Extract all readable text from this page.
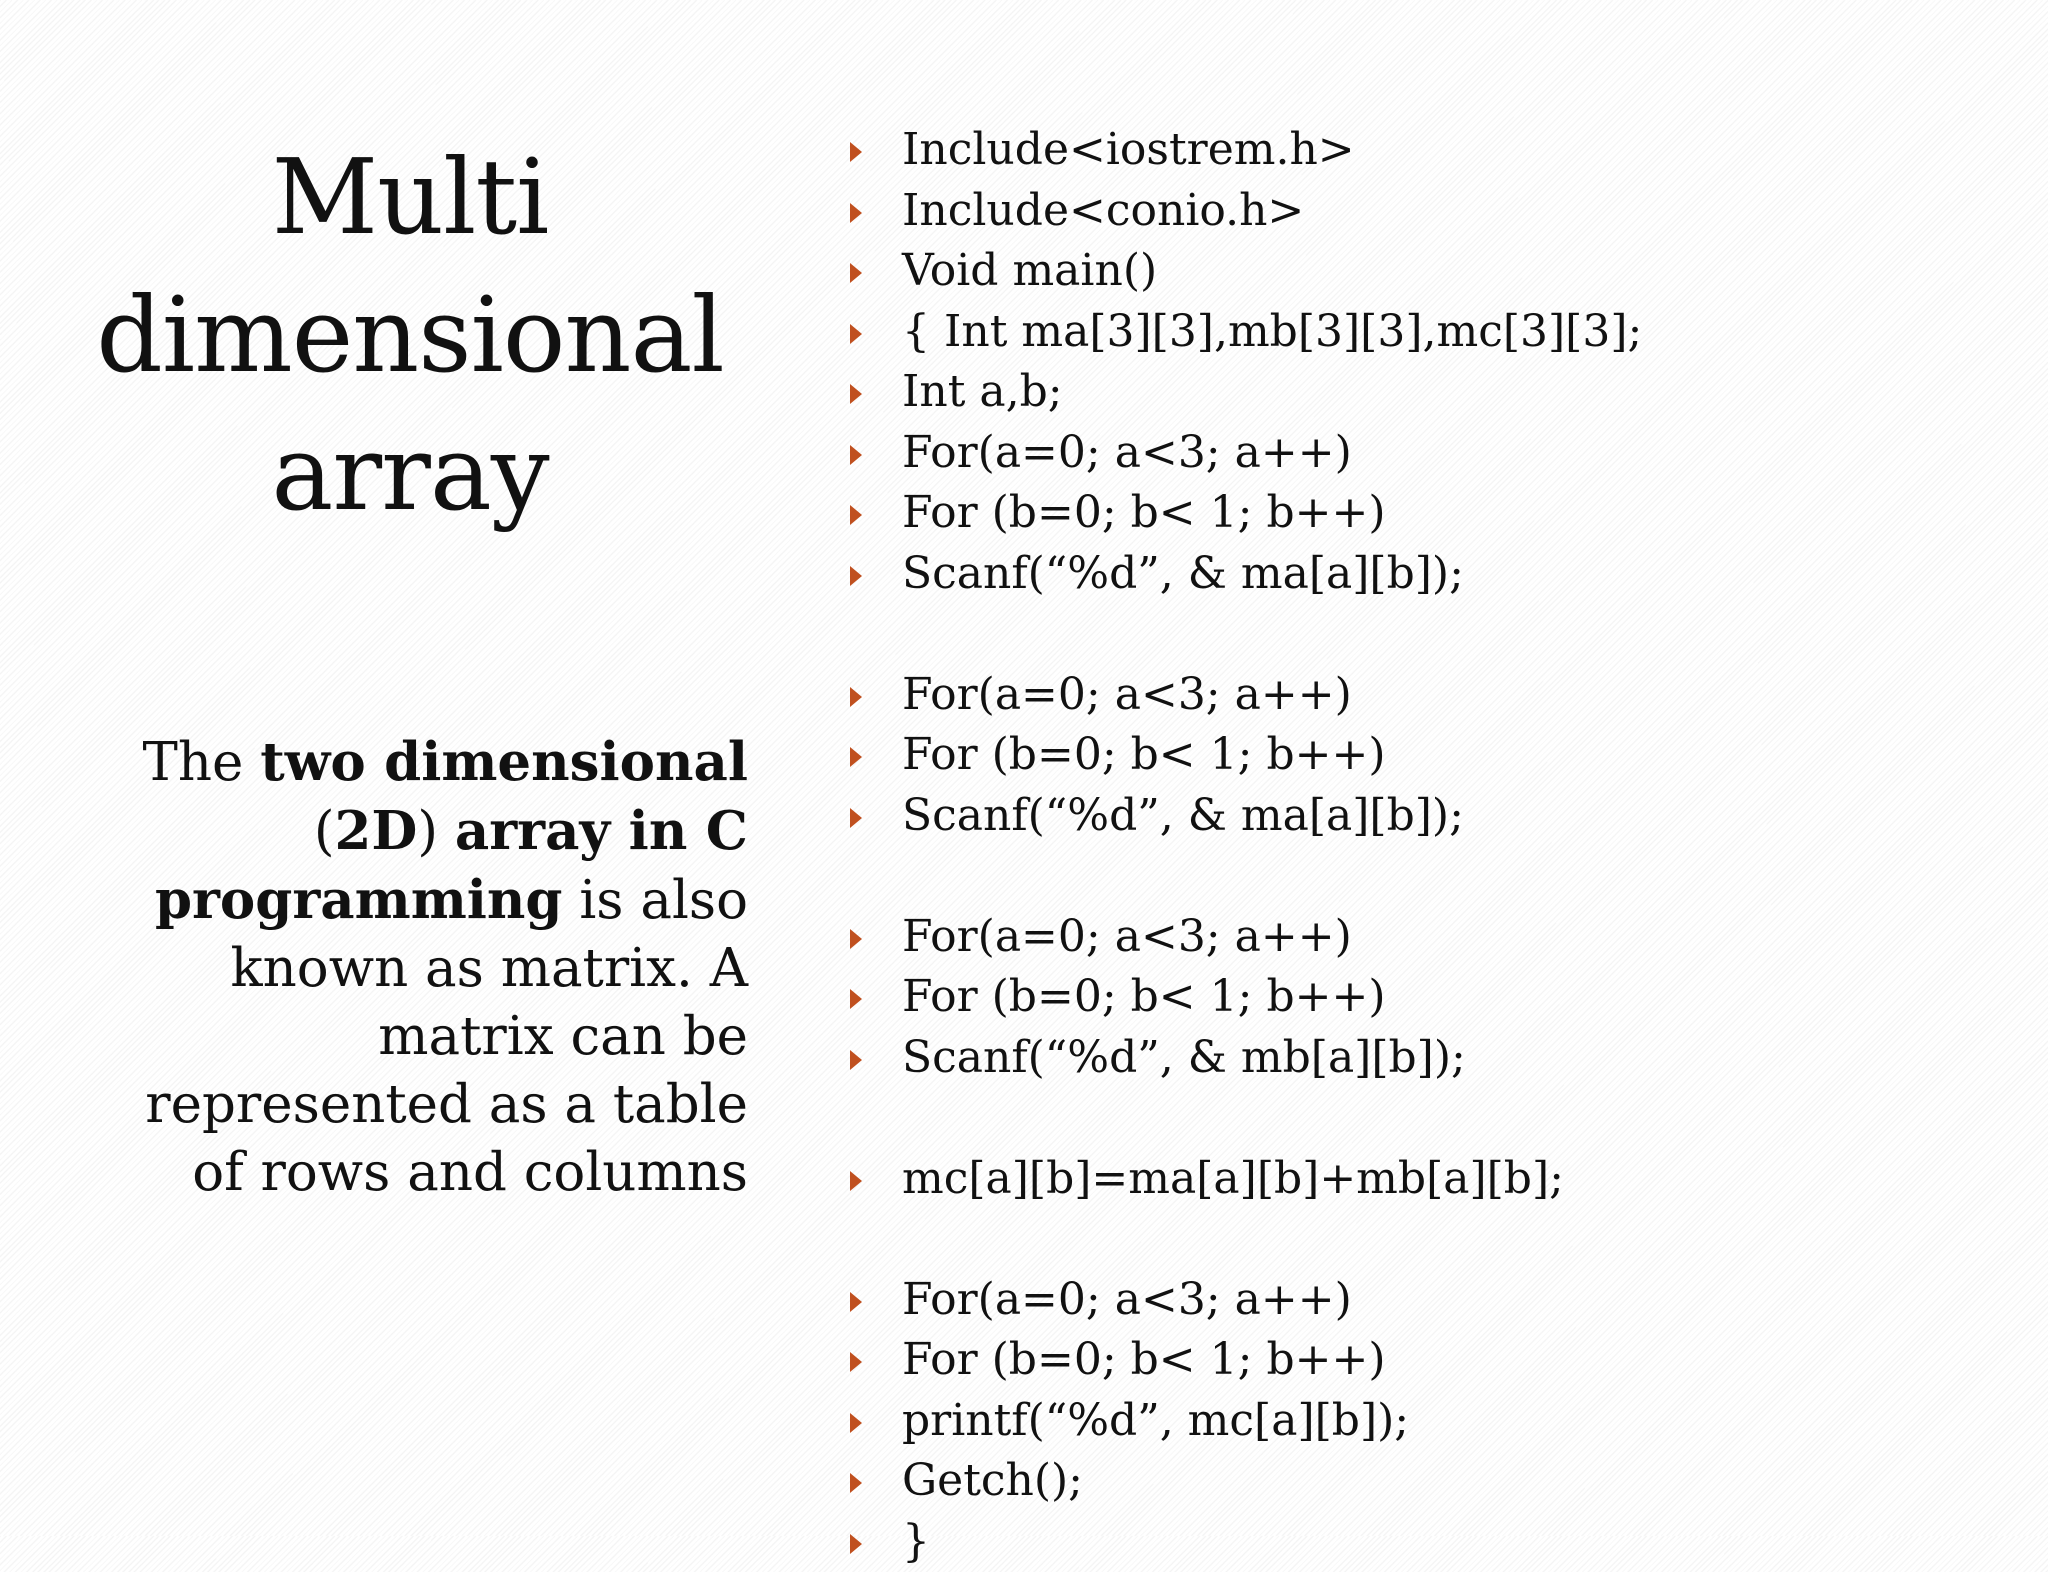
Multi
dimensional
array

The two dimensional (2D) array in C programming is also known as matrix. A matrix can be represented as a table of rows and columns

Include<iostrem.h>
Include<conio.h>
Void main()
{ Int ma[3][3],mb[3][3],mc[3][3];
Int a,b;
For(a=0; a<3; a++)
For (b=0; b< 1; b++)
Scanf(“%d”, & ma[a][b]);
For(a=0; a<3; a++)
For (b=0; b< 1; b++)
Scanf(“%d”, & ma[a][b]);
For(a=0; a<3; a++)
For (b=0; b< 1; b++)
Scanf(“%d”, & mb[a][b]);
mc[a][b]=ma[a][b]+mb[a][b];
For(a=0; a<3; a++)
For (b=0; b< 1; b++)
printf(“%d”, mc[a][b]);
Getch();
}
